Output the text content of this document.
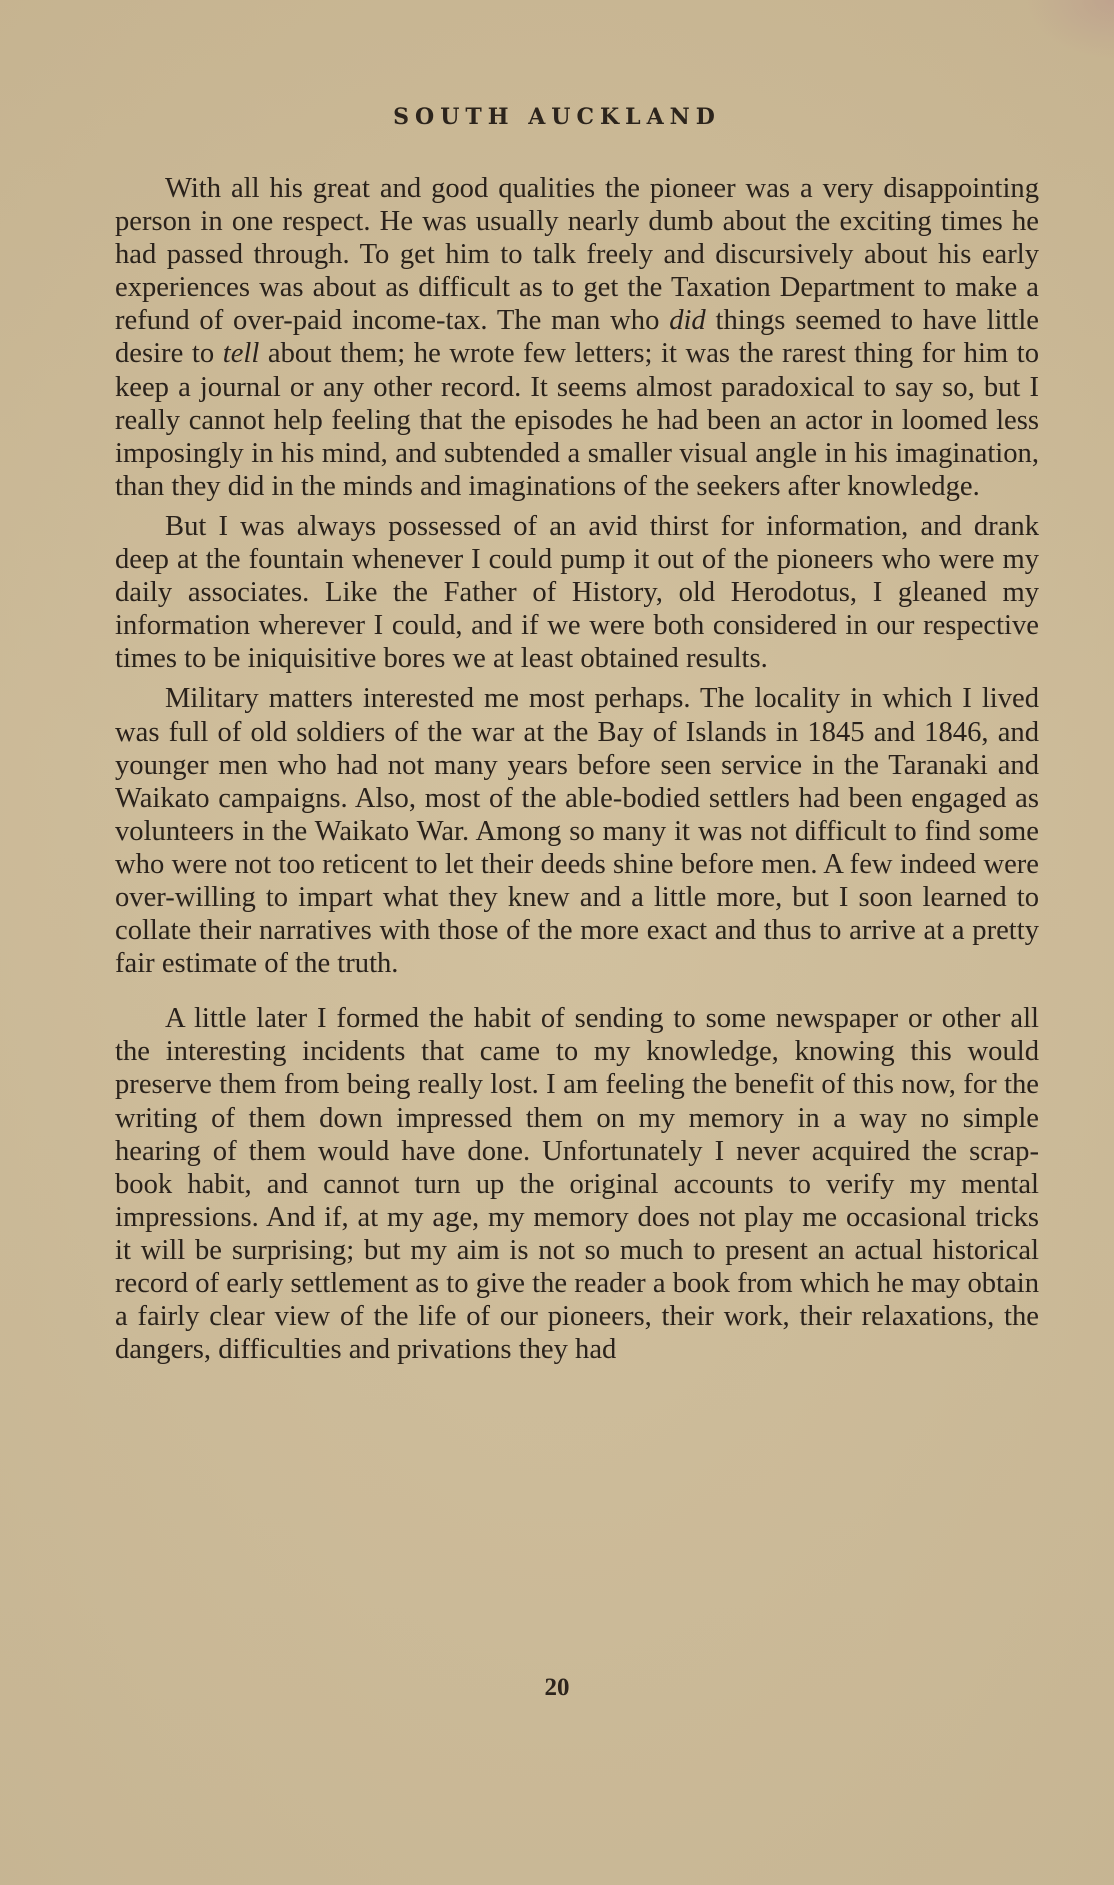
SOUTH AUCKLAND

With all his great and good qualities the pioneer was a very disappointing person in one respect. He was usually nearly dumb about the exciting times he had passed through. To get him to talk freely and discursively about his early experiences was about as difficult as to get the Taxation Department to make a refund of over-paid income-tax. The man who did things seemed to have little desire to tell about them; he wrote few letters; it was the rarest thing for him to keep a journal or any other record. It seems almost paradoxical to say so, but I really cannot help feeling that the episodes he had been an actor in loomed less imposingly in his mind, and subtended a smaller visual angle in his imagination, than they did in the minds and imaginations of the seekers after knowledge.

But I was always possessed of an avid thirst for information, and drank deep at the fountain whenever I could pump it out of the pioneers who were my daily associates. Like the Father of History, old Herodotus, I gleaned my information wherever I could, and if we were both considered in our respective times to be iniquisitive bores we at least obtained results.

Military matters interested me most perhaps. The locality in which I lived was full of old soldiers of the war at the Bay of Islands in 1845 and 1846, and younger men who had not many years before seen service in the Taranaki and Waikato campaigns. Also, most of the able-bodied settlers had been engaged as volunteers in the Waikato War. Among so many it was not difficult to find some who were not too reticent to let their deeds shine before men. A few indeed were over-willing to impart what they knew and a little more, but I soon learned to collate their narratives with those of the more exact and thus to arrive at a pretty fair estimate of the truth.

A little later I formed the habit of sending to some newspaper or other all the interesting incidents that came to my knowledge, knowing this would preserve them from being really lost. I am feeling the benefit of this now, for the writing of them down impressed them on my memory in a way no simple hearing of them would have done. Unfortunately I never acquired the scrap-book habit, and cannot turn up the original accounts to verify my mental impressions. And if, at my age, my memory does not play me occasional tricks it will be surprising; but my aim is not so much to present an actual historical record of early settlement as to give the reader a book from which he may obtain a fairly clear view of the life of our pioneers, their work, their relaxations, the dangers, difficulties and privations they had

20
